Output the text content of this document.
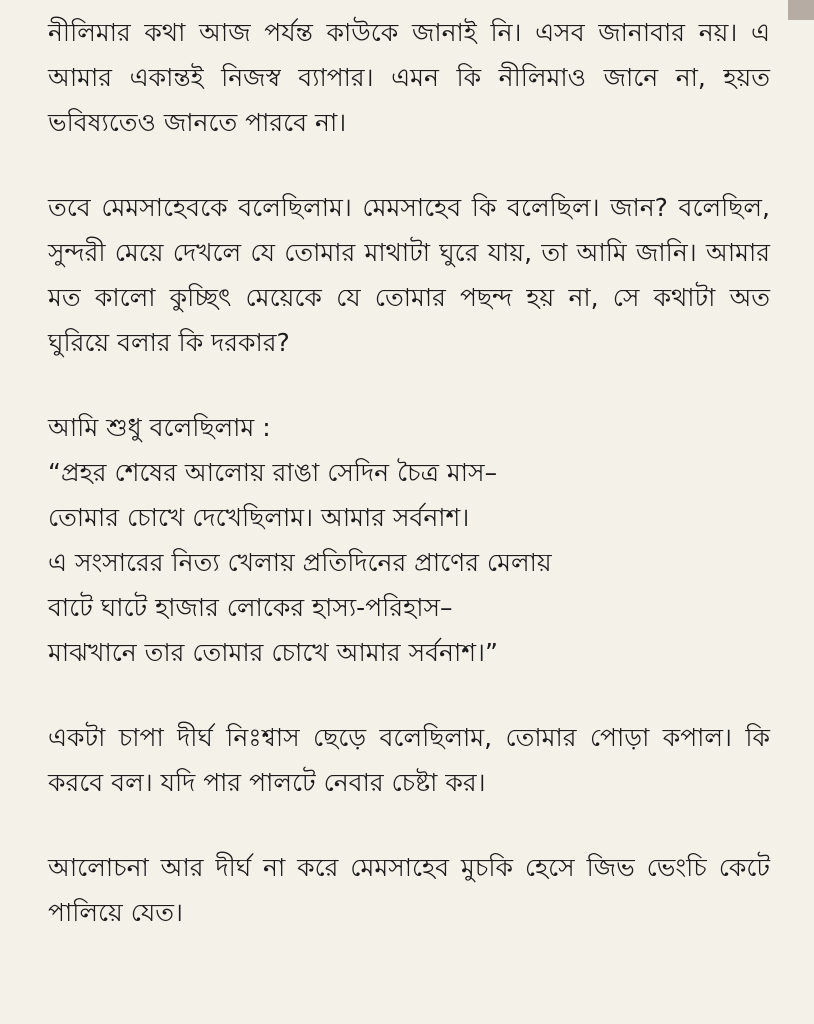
নীলিমার কথা আজ পর্যন্ত কাউকে জানাই নি। এসব জানাবার নয়। এ আমার একান্তই নিজস্ব ব্যাপার। এমন কি নীলিমাও জানে না, হয়ত ভবিষ্যতেও জানতে পারবে না।

তবে মেমসাহেবকে বলেছিলাম। মেমসাহেব কি বলেছিল। জান? বলেছিল, সুন্দরী মেয়ে দেখলে যে তোমার মাথাটা ঘুরে যায়, তা আমি জানি। আমার মত কালো কুচ্ছিৎ মেয়েকে যে তোমার পছন্দ হয় না, সে কথাটা অত ঘুরিয়ে বলার কি দরকার?

আমি শুধু বলেছিলাম :

“প্রহর শেষের আলোয় রাঙা সেদিন চৈত্র মাস–

তোমার চোখে দেখেছিলাম। আমার সর্বনাশ।

এ সংসারের নিত্য খেলায় প্রতিদিনের প্রাণের মেলায়

বাটে ঘাটে হাজার লোকের হাস্য-পরিহাস–

মাঝখানে তার তোমার চোখে আমার সর্বনাশ।”

একটা চাপা দীর্ঘ নিঃশ্বাস ছেড়ে বলেছিলাম, তোমার পোড়া কপাল। কি করবে বল। যদি পার পালটে নেবার চেষ্টা কর।

আলোচনা আর দীর্ঘ না করে মেমসাহেব মুচকি হেসে জিভ ভেংচি কেটে পালিয়ে যেত।
